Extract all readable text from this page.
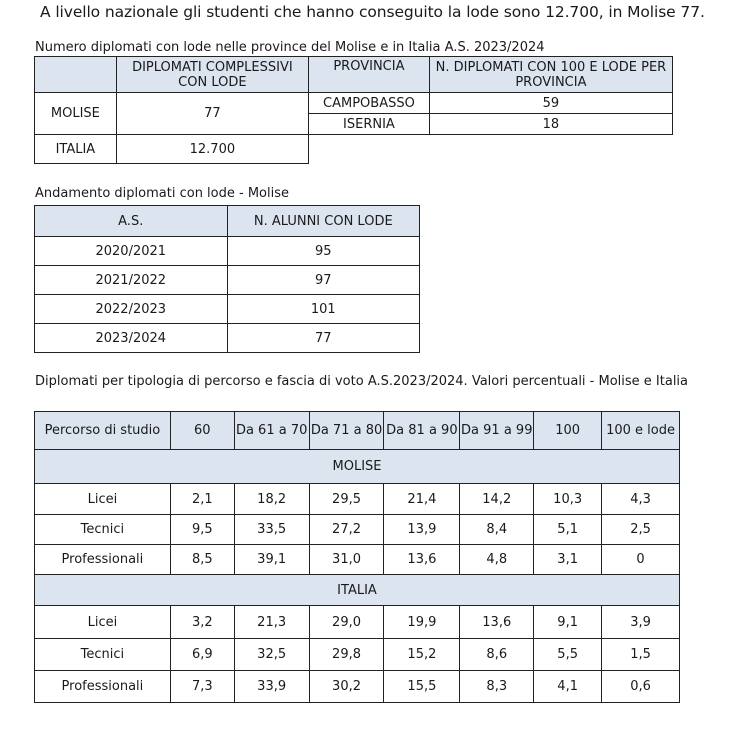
A livello nazionale gli studenti che hanno conseguito la lode sono 12.700, in Molise 77.
Numero diplomati con lode nelle province del Molise e in Italia A.S. 2023/2024
	DIPLOMATI COMPLESSIVI CON LODE
MOLISE	77
ITALIA	12.700
PROVINCIA	N. DIPLOMATI CON 100 E LODE PER PROVINCIA
CAMPOBASSO	59
ISERNIA	18
Andamento diplomati con lode - Molise
A.S.	N. ALUNNI CON LODE
2020/2021	95
2021/2022	97
2022/2023	101
2023/2024	77
Diplomati per tipologia di percorso e fascia di voto A.S.2023/2024. Valori percentuali - Molise e Italia
Percorso di studio	60	Da 61 a 70	Da 71 a 80	Da 81 a 90	Da 91 a 99	100	100 e lode
MOLISE							
Licei	2,1	18,2	29,5	21,4	14,2	10,3	4,3
Tecnici	9,5	33,5	27,2	13,9	8,4	5,1	2,5
Professionali	8,5	39,1	31,0	13,6	4,8	3,1	0
ITALIA							
Licei	3,2	21,3	29,0	19,9	13,6	9,1	3,9
Tecnici	6,9	32,5	29,8	15,2	8,6	5,5	1,5
Professionali	7,3	33,9	30,2	15,5	8,3	4,1	0,6
